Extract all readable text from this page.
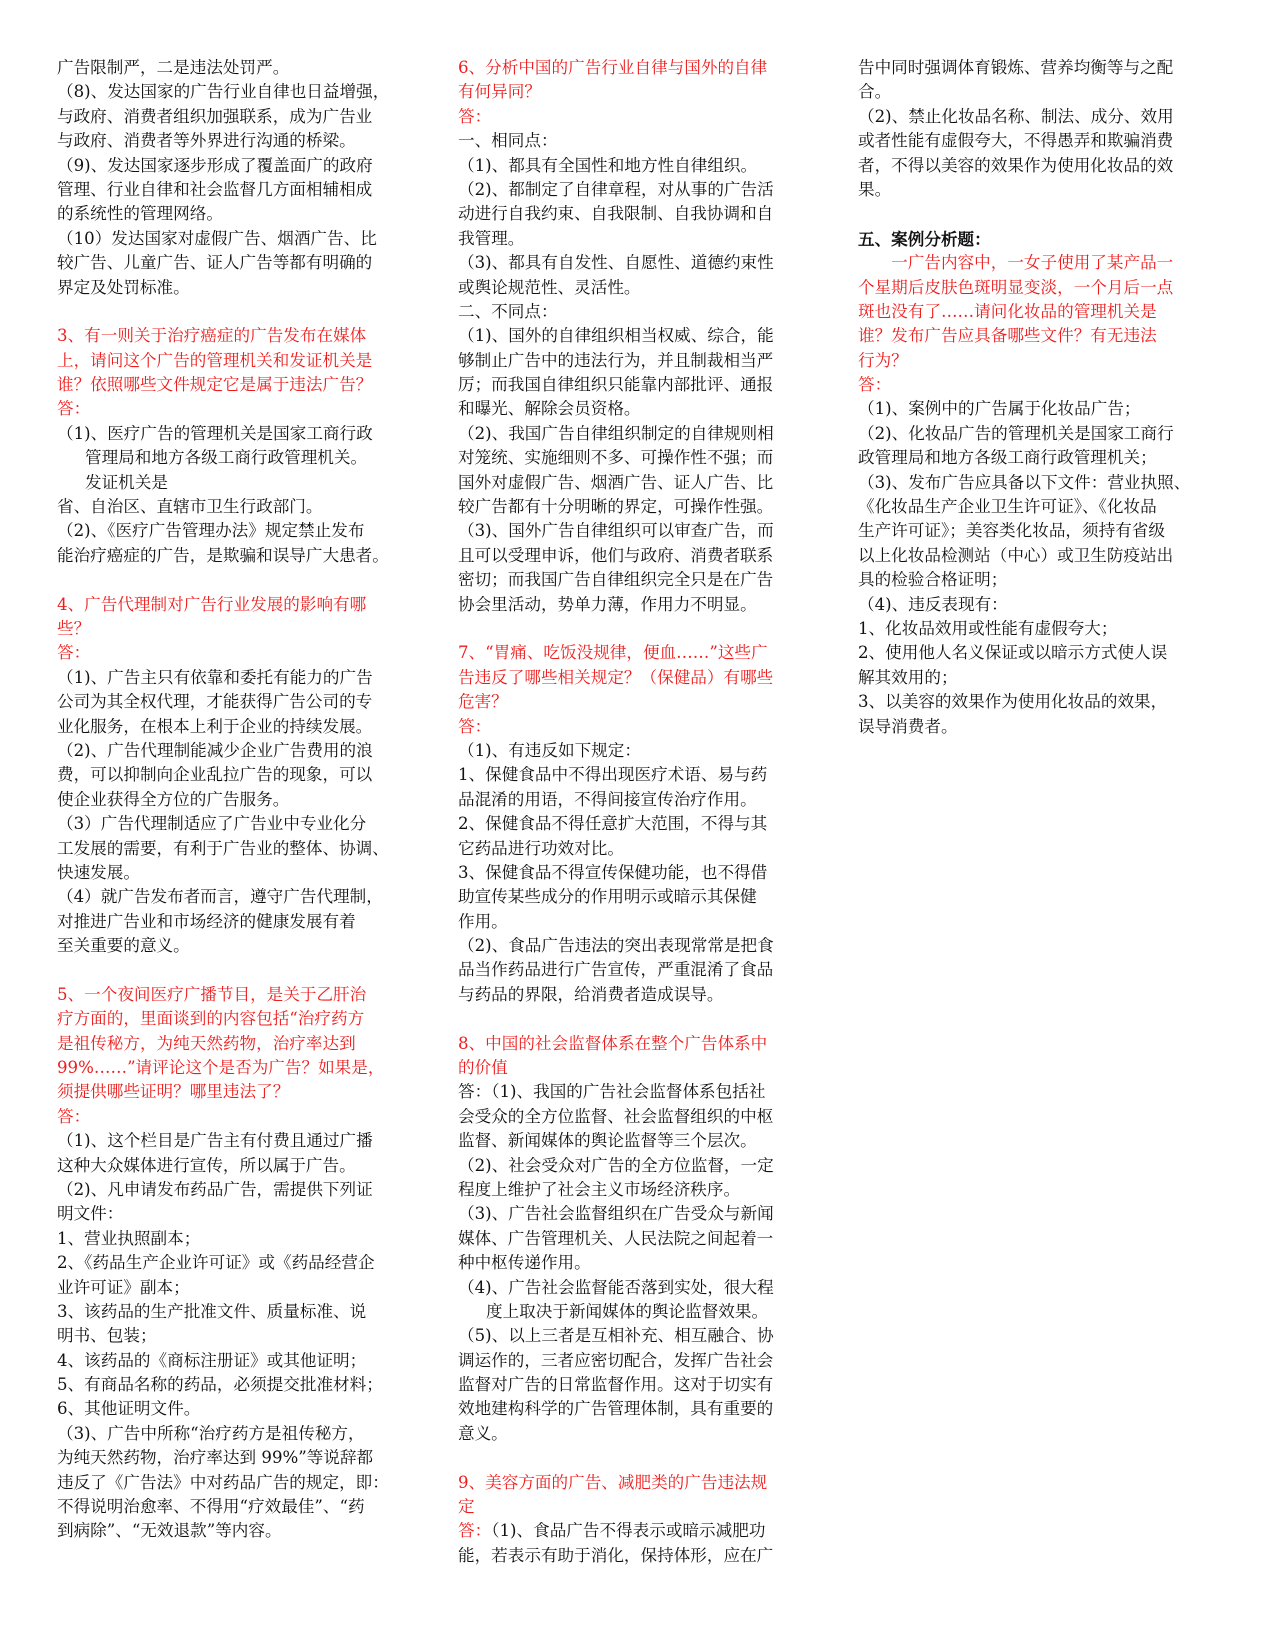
广告限制严，二是违法处罚严。
（8)、发达国家的广告行业自律也日益增强，
与政府、消费者组织加强联系，成为广告业
与政府、消费者等外界进行沟通的桥梁。
（9)、发达国家逐步形成了覆盖面广的政府
管理、行业自律和社会监督几方面相辅相成
的系统性的管理网络。
（10）发达国家对虚假广告、烟酒广告、比
较广告、儿童广告、证人广告等都有明确的
界定及处罚标准。
3、有一则关于治疗癌症的广告发布在媒体
上，请问这个广告的管理机关和发证机关是
谁？依照哪些文件规定它是属于违法广告？
答：
（1)、医疗广告的管理机关是国家工商行政
管理局和地方各级工商行政管理机关。
发证机关是
省、自治区、直辖市卫生行政部门。
（2)、《医疗广告管理办法》规定禁止发布
能治疗癌症的广告，是欺骗和误导广大患者。
4、广告代理制对广告行业发展的影响有哪
些？
答：
（1)、广告主只有依靠和委托有能力的广告
公司为其全权代理，才能获得广告公司的专
业化服务，在根本上利于企业的持续发展。
（2)、广告代理制能减少企业广告费用的浪
费，可以抑制向企业乱拉广告的现象，可以
使企业获得全方位的广告服务。
（3）广告代理制适应了广告业中专业化分
工发展的需要，有利于广告业的整体、协调、
快速发展。
（4）就广告发布者而言，遵守广告代理制，
对推进广告业和市场经济的健康发展有着
至关重要的意义。
5、一个夜间医疗广播节目，是关于乙肝治
疗方面的，里面谈到的内容包括“治疗药方
是祖传秘方，为纯天然药物，治疗率达到
99%……”请评论这个是否为广告？如果是，
须提供哪些证明？哪里违法了？
答：
（1)、这个栏目是广告主有付费且通过广播
这种大众媒体进行宣传，所以属于广告。
（2)、凡申请发布药品广告，需提供下列证
明文件：
1、营业执照副本；
2、《药品生产企业许可证》或《药品经营企
业许可证》副本；
3、该药品的生产批准文件、质量标准、说
明书、包装；
4、该药品的《商标注册证》或其他证明；
5、有商品名称的药品，必须提交批准材料；
6、其他证明文件。
（3)、广告中所称“治疗药方是祖传秘方，
为纯天然药物，治疗率达到 99%”等说辞都
违反了《广告法》中对药品广告的规定，即：
不得说明治愈率、不得用“疗效最佳”、“药
到病除”、“无效退款”等内容。
6、分析中国的广告行业自律与国外的自律
有何异同？
答：
一、相同点：
（1)、都具有全国性和地方性自律组织。
（2)、都制定了自律章程，对从事的广告活
动进行自我约束、自我限制、自我协调和自
我管理。
（3)、都具有自发性、自愿性、道德约束性
或舆论规范性、灵活性。
二、不同点：
（1)、国外的自律组织相当权威、综合，能
够制止广告中的违法行为，并且制裁相当严
厉；而我国自律组织只能靠内部批评、通报
和曝光、解除会员资格。
（2)、我国广告自律组织制定的自律规则相
对笼统、实施细则不多、可操作性不强；而
国外对虚假广告、烟酒广告、证人广告、比
较广告都有十分明晰的界定，可操作性强。
（3)、国外广告自律组织可以审查广告，而
且可以受理申诉，他们与政府、消费者联系
密切；而我国广告自律组织完全只是在广告
协会里活动，势单力薄，作用力不明显。
7、“胃痛、吃饭没规律，便血……”这些广
告违反了哪些相关规定？（保健品）有哪些
危害？
答：
（1)、有违反如下规定：
1、保健食品中不得出现医疗术语、易与药
品混淆的用语，不得间接宣传治疗作用。
2、保健食品不得任意扩大范围，不得与其
它药品进行功效对比。
3、保健食品不得宣传保健功能，也不得借
助宣传某些成分的作用明示或暗示其保健
作用。
（2)、食品广告违法的突出表现常常是把食
品当作药品进行广告宣传，严重混淆了食品
与药品的界限，给消费者造成误导。
8、中国的社会监督体系在整个广告体系中
的价值
答：（1)、我国的广告社会监督体系包括社
会受众的全方位监督、社会监督组织的中枢
监督、新闻媒体的舆论监督等三个层次。
（2)、社会受众对广告的全方位监督，一定
程度上维护了社会主义市场经济秩序。
（3)、广告社会监督组织在广告受众与新闻
媒体、广告管理机关、人民法院之间起着一
种中枢传递作用。
（4)、广告社会监督能否落到实处，很大程
度上取决于新闻媒体的舆论监督效果。
（5)、以上三者是互相补充、相互融合、协
调运作的，三者应密切配合，发挥广告社会
监督对广告的日常监督作用。这对于切实有
效地建构科学的广告管理体制，具有重要的
意义。
9、美容方面的广告、减肥类的广告违法规
定
答：（1)、食品广告不得表示或暗示减肥功
能，若表示有助于消化，保持体形，应在广
告中同时强调体育锻炼、营养均衡等与之配
合。
（2)、禁止化妆品名称、制法、成分、效用
或者性能有虚假夸大，不得愚弄和欺骗消费
者，不得以美容的效果作为使用化妆品的效
果。
五、案例分析题：
　　一广告内容中，一女子使用了某产品一
个星期后皮肤色斑明显变淡，一个月后一点
斑也没有了……请问化妆品的管理机关是
谁？发布广告应具备哪些文件？有无违法
行为？
答：
（1)、案例中的广告属于化妆品广告；
（2)、化妆品广告的管理机关是国家工商行
政管理局和地方各级工商行政管理机关；
（3)、发布广告应具备以下文件：营业执照、
《化妆品生产企业卫生许可证》、《化妆品
生产许可证》；美容类化妆品，须持有省级
以上化妆品检测站（中心）或卫生防疫站出
具的检验合格证明；
（4)、违反表现有：
1、化妆品效用或性能有虚假夸大；
2、使用他人名义保证或以暗示方式使人误
解其效用的；
3、以美容的效果作为使用化妆品的效果，
误导消费者。
